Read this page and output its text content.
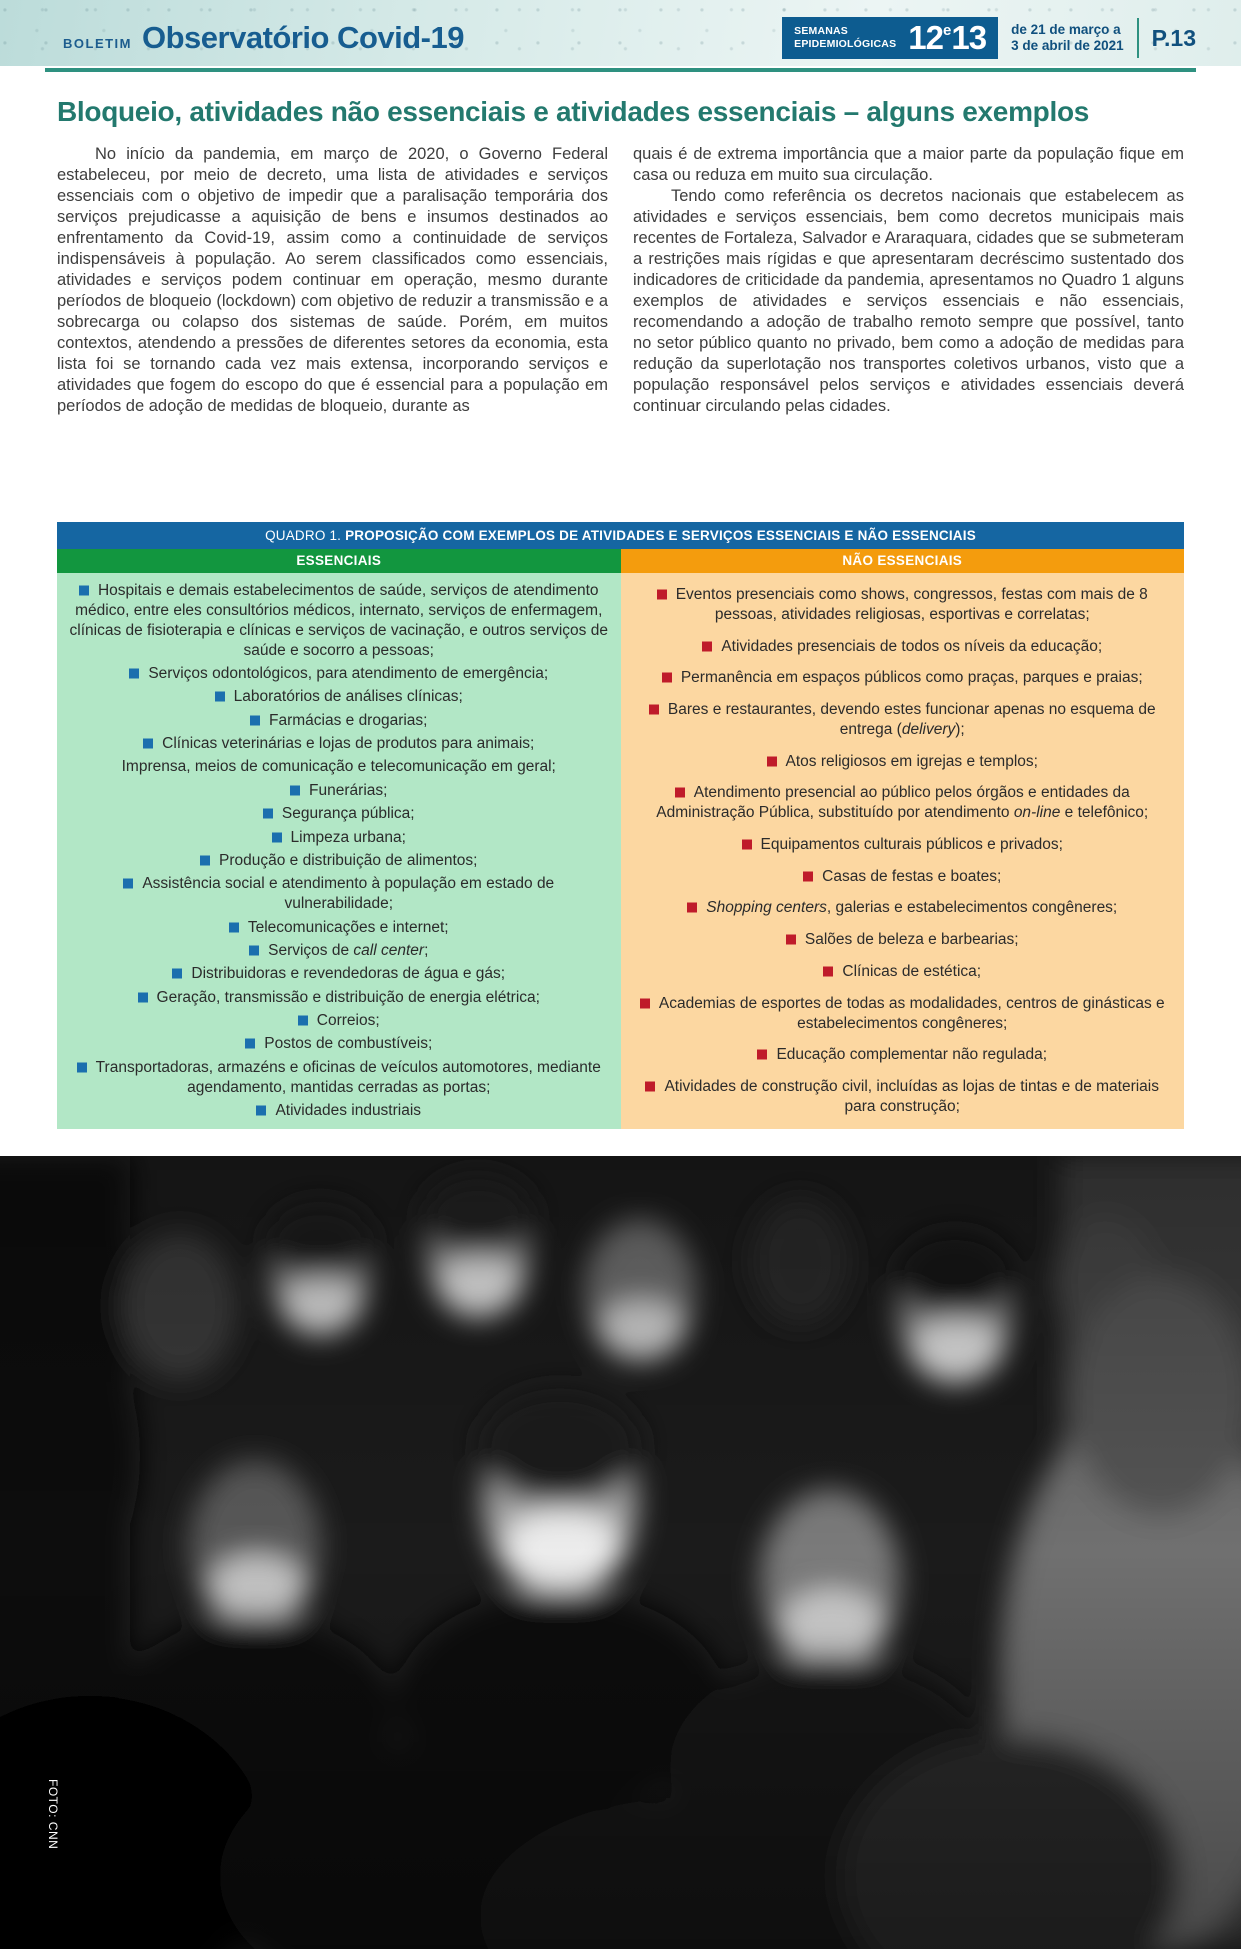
BOLETIM Observatório Covid-19	SEMANAS
EPIDEMIOLÓGICAS 12e13 de 21 de março a
3 de abril de 2021 P.13
Bloqueio, atividades não essenciais e atividades essenciais – alguns exemplos

No início da pandemia, em março de 2020, o Governo Federal estabeleceu, por meio de decreto, uma lista de atividades e serviços essenciais com o objetivo de impedir que a paralisação temporária dos serviços prejudicasse a aquisição de bens e insumos destinados ao enfrentamento da Covid-19, assim como a continuidade de serviços indispensáveis à população. Ao serem classificados como essenciais, atividades e serviços podem continuar em operação, mesmo durante períodos de bloqueio (lockdown) com objetivo de reduzir a transmissão e a sobrecarga ou colapso dos sistemas de saúde. Porém, em muitos contextos, atendendo a pressões de diferentes setores da economia, esta lista foi se tornando cada vez mais extensa, incorporando serviços e atividades que fogem do escopo do que é essencial para a população em períodos de adoção de medidas de bloqueio, durante as

quais é de extrema importância que a maior parte da população fique em casa ou reduza em muito sua circulação.

Tendo como referência os decretos nacionais que estabelecem as atividades e serviços essenciais, bem como decretos municipais mais recentes de Fortaleza, Salvador e Araraquara, cidades que se submeteram a restrições mais rígidas e que apresentaram decréscimo sustentado dos indicadores de criticidade da pandemia, apresentamos no Quadro 1 alguns exemplos de atividades e serviços essenciais e não essenciais, recomendando a adoção de trabalho remoto sempre que possível, tanto no setor público quanto no privado, bem como a adoção de medidas para redução da superlotação nos transportes coletivos urbanos, visto que a população responsável pelos serviços e atividades essenciais deverá continuar circulando pelas cidades.

QUADRO 1. PROPOSIÇÃO COM EXEMPLOS DE ATIVIDADES E SERVIÇOS ESSENCIAIS E NÃO ESSENCIAIS
ESSENCIAIS	NÃO ESSENCIAIS
Hospitais e demais estabelecimentos de saúde, serviços de atendimento médico, entre eles consultórios médicos, internato, serviços de enfermagem, clínicas de fisioterapia e clínicas e serviços de vacinação, e outros serviços de saúde e socorro a pessoas;
Serviços odontológicos, para atendimento de emergência;
Laboratórios de análises clínicas;
Farmácias e drogarias;
Clínicas veterinárias e lojas de produtos para animais;
Imprensa, meios de comunicação e telecomunicação em geral;
Funerárias;
Segurança pública;
Limpeza urbana;
Produção e distribuição de alimentos;
Assistência social e atendimento à população em estado de vulnerabilidade;
Telecomunicações e internet;
Serviços de call center;
Distribuidoras e revendedoras de água e gás;
Geração, transmissão e distribuição de energia elétrica;
Correios;
Postos de combustíveis;
Transportadoras, armazéns e oficinas de veículos automotores, mediante agendamento, mantidas cerradas as portas;
Atividades industriais
Eventos presenciais como shows, congressos, festas com mais de 8 pessoas, atividades religiosas, esportivas e correlatas;
Atividades presenciais de todos os níveis da educação;
Permanência em espaços públicos como praças, parques e praias;
Bares e restaurantes, devendo estes funcionar apenas no esquema de entrega (delivery);
Atos religiosos em igrejas e templos;
Atendimento presencial ao público pelos órgãos e entidades da Administração Pública, substituído por atendimento on-line e telefônico;
Equipamentos culturais públicos e privados;
Casas de festas e boates;
Shopping centers, galerias e estabelecimentos congêneres;
Salões de beleza e barbearias;
Clínicas de estética;
Academias de esportes de todas as modalidades, centros de ginásticas e estabelecimentos congêneres;
Educação complementar não regulada;
Atividades de construção civil, incluídas as lojas de tintas e de materiais para construção;
FOTO: CNN
